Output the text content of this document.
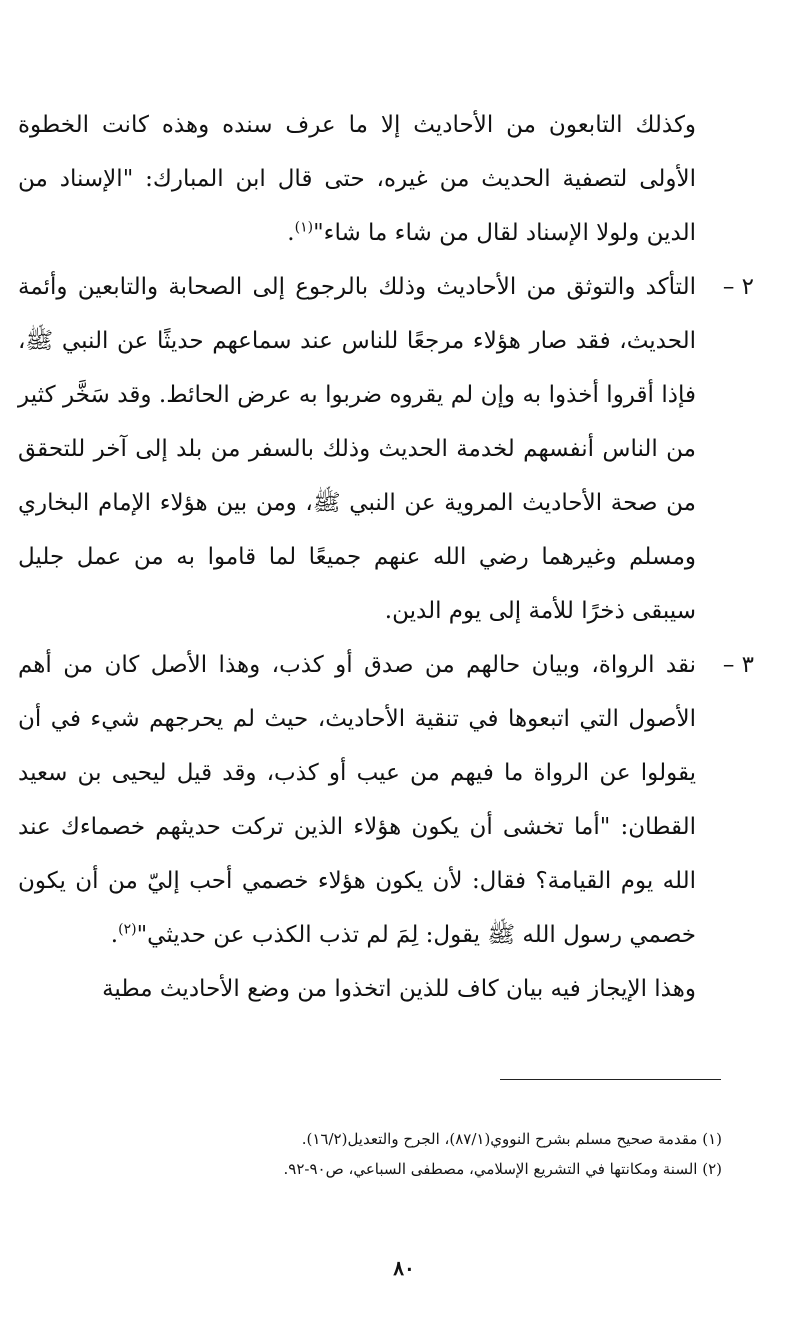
وكذلك التابعون من الأحاديث إلا ما عرف سنده وهذه كانت الخطوة الأولى لتصفية الحديث من غيره، حتى قال ابن المبارك: "الإسناد من الدين ولولا الإسناد لقال من شاء ما شاء"$^{(١)}$.

٢ –
التأكد والتوثق من الأحاديث وذلك بالرجوع إلى الصحابة والتابعين وأئمة الحديث، فقد صار هؤلاء مرجعًا للناس عند سماعهم حديثًا عن النبي ﷺ، فإذا أقروا أخذوا به وإن لم يقروه ضربوا به عرض الحائط. وقد سَخَّر كثير من الناس أنفسهم لخدمة الحديث وذلك بالسفر من بلد إلى آخر للتحقق من صحة الأحاديث المروية عن النبي ﷺ، ومن بين هؤلاء الإمام البخاري ومسلم وغيرهما رضي الله عنهم جميعًا لما قاموا به من عمل جليل سيبقى ذخرًا للأمة إلى يوم الدين.

٣ –
نقد الرواة، وبيان حالهم من صدق أو كذب، وهذا الأصل كان من أهم الأصول التي اتبعوها في تنقية الأحاديث، حيث لم يحرجهم شيء في أن يقولوا عن الرواة ما فيهم من عيب أو كذب، وقد قيل ليحيى بن سعيد القطان: "أما تخشى أن يكون هؤلاء الذين تركت حديثهم خصماءك عند الله يوم القيامة؟ فقال: لأن يكون هؤلاء خصمي أحب إليّ من أن يكون خصمي رسول الله ﷺ يقول: لِمَ لم تذب الكذب عن حديثي"$^{(٢)}$.

وهذا الإيجاز فيه بيان كاف للذين اتخذوا من وضع الأحاديث مطية

(١) مقدمة صحيح مسلم بشرح النووي(٨٧/١)، الجرح والتعديل(١٦/٢).

(٢) السنة ومكانتها في التشريع الإسلامي، مصطفى السباعي، ص٩٠-٩٢.

٨٠
